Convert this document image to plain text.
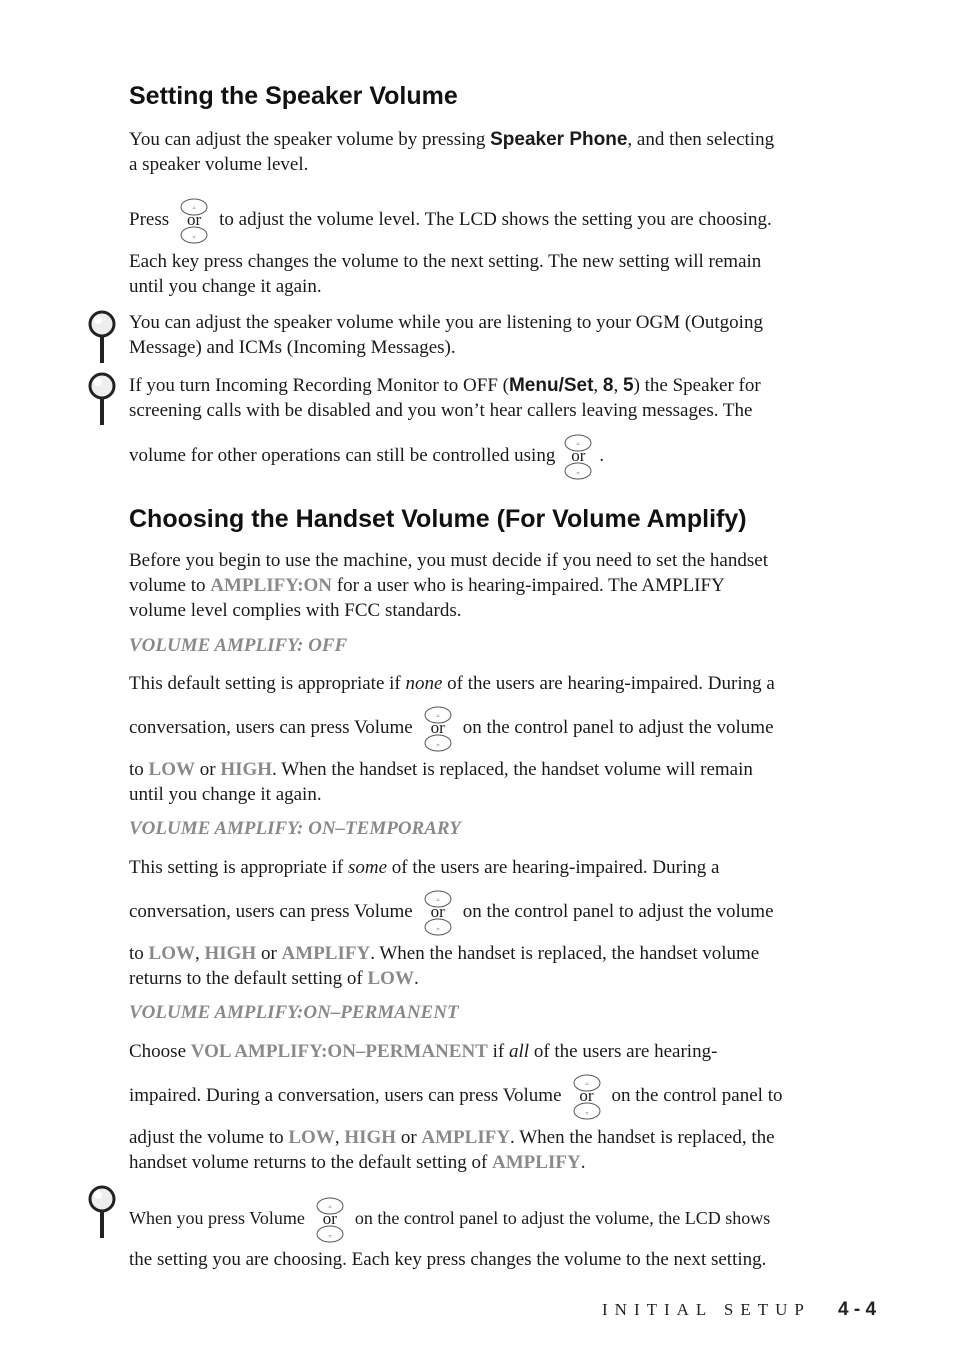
Setting the Speaker Volume
You can adjust the speaker volume by pressing Speaker Phone, and then selecting
a speaker volume level.
Press
▵
▿
or to adjust the volume level. The LCD shows the setting you are choosing.
Each key press changes the volume to the next setting. The new setting will remain
until you change it again.
You can adjust the speaker volume while you are listening to your OGM (Outgoing
Message) and ICMs (Incoming Messages).
If you turn Incoming Recording Monitor to OFF (Menu/Set, 8, 5) the Speaker for
screening calls with be disabled and you won’t hear callers leaving messages. The
volume for other operations can still be controlled using
▵
▿
or .
Choosing the Handset Volume (For Volume Amplify)
Before you begin to use the machine, you must decide if you need to set the handset
volume to AMPLIFY:ON for a user who is hearing-impaired. The AMPLIFY
volume level complies with FCC standards.
VOLUME AMPLIFY: OFF
This default setting is appropriate if none of the users are hearing-impaired. During a
conversation, users can press Volume
▵
▿
or on the control panel to adjust the volume
to LOW or HIGH. When the handset is replaced, the handset volume will remain
until you change it again.
VOLUME AMPLIFY: ON–TEMPORARY
This setting is appropriate if some of the users are hearing-impaired. During a
conversation, users can press Volume
▵
▿
or on the control panel to adjust the volume
to LOW, HIGH or AMPLIFY. When the handset is replaced, the handset volume
returns to the default setting of LOW.
VOLUME AMPLIFY:ON–PERMANENT
Choose VOL AMPLIFY:ON–PERMANENT if all of the users are hearing-
impaired. During a conversation, users can press Volume
▵
▿
or on the control panel to
adjust the volume to LOW, HIGH or AMPLIFY. When the handset is replaced, the
handset volume returns to the default setting of AMPLIFY.
When you press Volume
▵
▿
or on the control panel to adjust the volume, the LCD shows
the setting you are choosing. Each key press changes the volume to the next setting.
INITIAL SETUP 4 - 4
